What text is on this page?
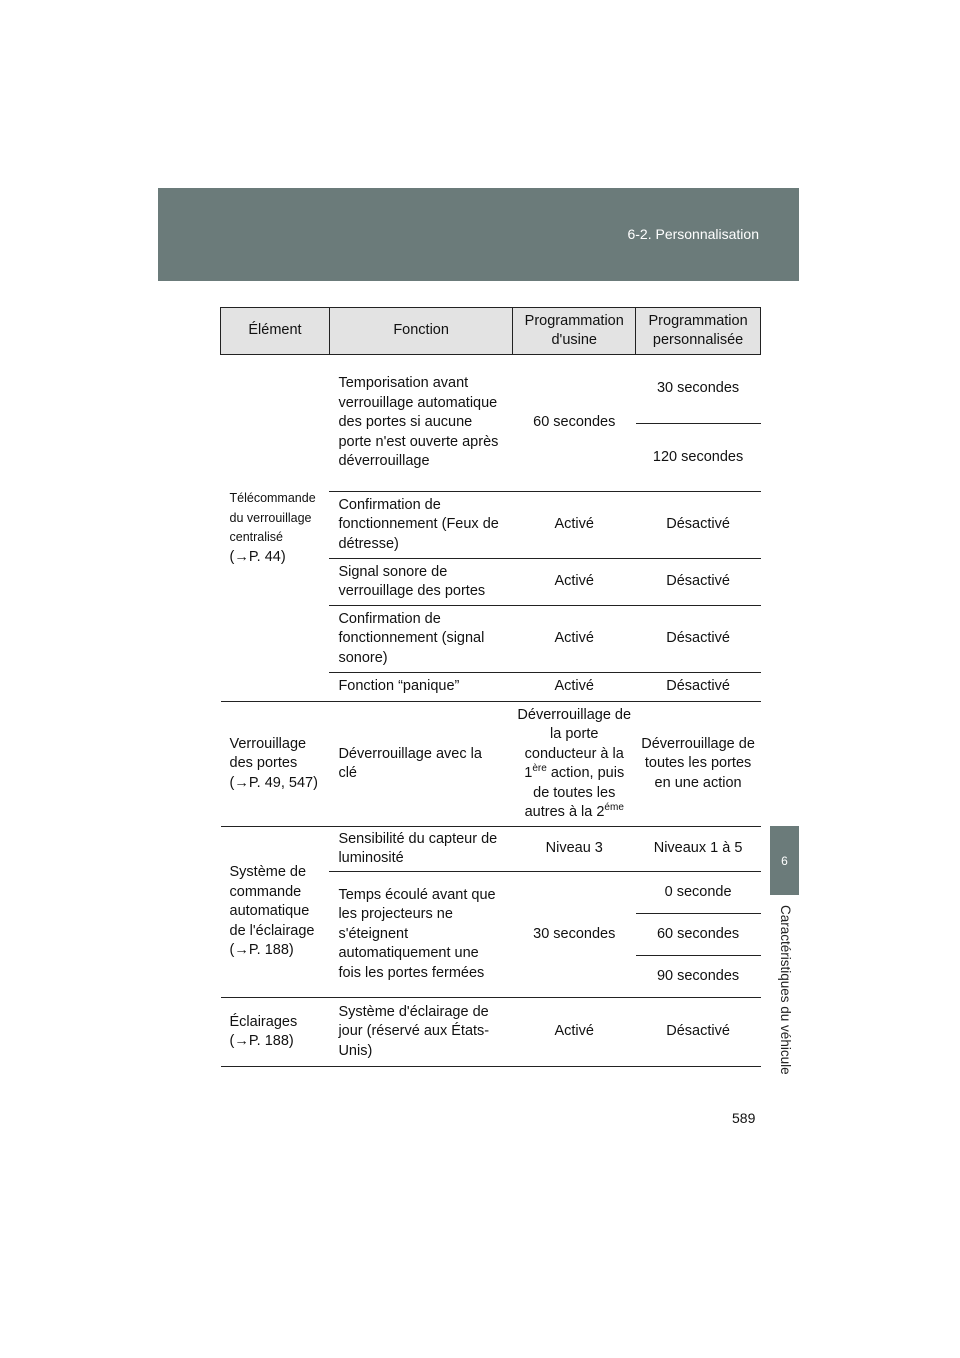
6-2. Personnalisation
6
Caractéristiques du véhicule
Élément	Fonction	Programmation d'usine	Programmation personnalisée

Télécommande
du verrouillage
centralisé
(→P. 44)	Temporisation avant verrouillage automatique des portes si aucune porte n'est ouverte après déverrouillage	60 secondes	30 secondes
			120 secondes
	Confirmation de fonctionnement (Feux de détresse)	Activé	Désactivé
	Signal sonore de verrouillage des portes	Activé	Désactivé
	Confirmation de fonctionnement (signal sonore)	Activé	Désactivé
	Fonction “panique”	Activé	Désactivé
Verrouillage des portes (→P. 49, 547)	Déverrouillage avec la clé	Déverrouillage de la porte conducteur à la 1ère action, puis de toutes les autres à la $2^{éme}$	Déverrouillage de toutes les portes en une action
Système de commande automatique de l'éclairage (→P. 188)	Sensibilité du capteur de luminosité	Niveau 3	Niveaux 1 à 5
	Temps écoulé avant que les projecteurs ne s'éteignent automatiquement une fois les portes fermées	30 secondes	0 seconde
			60 secondes
			90 secondes
Éclairages (→P. 188)	Système d'éclairage de jour (réservé aux États-Unis)	Activé	Désactivé
589
